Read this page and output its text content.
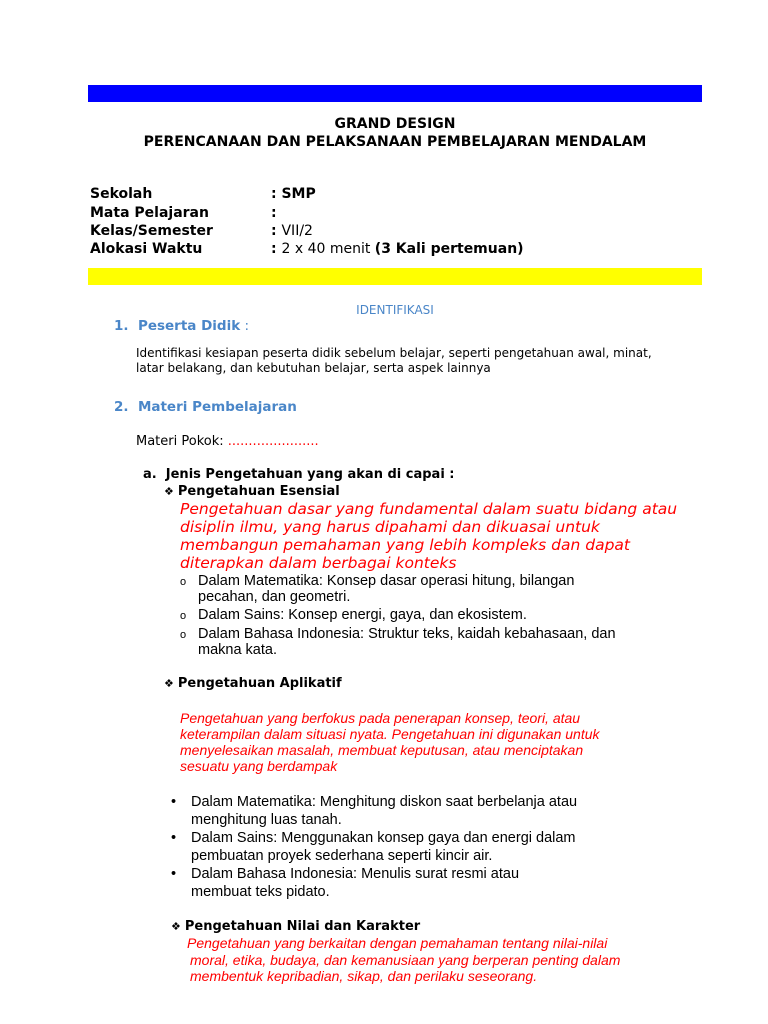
GRAND DESIGN
PERENCANAAN DAN PELAKSANAAN PEMBELAJARAN MENDALAM
Sekolah	: SMP
Mata Pelajaran	:
Kelas/Semester	: VII/2
Alokasi Waktu	: 2 x 40 menit (3 Kali pertemuan)
IDENTIFIKASI
1. Peserta Didik :
Identifikasi kesiapan peserta didik sebelum belajar, seperti pengetahuan awal, minat,
latar belakang, dan kebutuhan belajar, serta aspek lainnya
2. Materi Pembelajaran
Materi Pokok: ......................
a. Jenis Pengetahuan yang akan di capai :
❖ Pengetahuan Esensial
Pengetahuan dasar yang fundamental dalam suatu bidang atau
disiplin ilmu, yang harus dipahami dan dikuasai untuk
membangun pemahaman yang lebih kompleks dan dapat
diterapkan dalam berbagai konteks
o Dalam Matematika: Konsep dasar operasi hitung, bilangan
pecahan, dan geometri.
o Dalam Sains: Konsep energi, gaya, dan ekosistem.
o Dalam Bahasa Indonesia: Struktur teks, kaidah kebahasaan, dan
makna kata.
❖ Pengetahuan Aplikatif
Pengetahuan yang berfokus pada penerapan konsep, teori, atau
keterampilan dalam situasi nyata. Pengetahuan ini digunakan untuk
menyelesaikan masalah, membuat keputusan, atau menciptakan
sesuatu yang berdampak
• Dalam Matematika: Menghitung diskon saat berbelanja atau
menghitung luas tanah.
• Dalam Sains: Menggunakan konsep gaya dan energi dalam
pembuatan proyek sederhana seperti kincir air.
• Dalam Bahasa Indonesia: Menulis surat resmi atau
membuat teks pidato.
❖ Pengetahuan Nilai dan Karakter
Pengetahuan yang berkaitan dengan pemahaman tentang nilai-nilai
moral, etika, budaya, dan kemanusiaan yang berperan penting dalam
membentuk kepribadian, sikap, dan perilaku seseorang.
